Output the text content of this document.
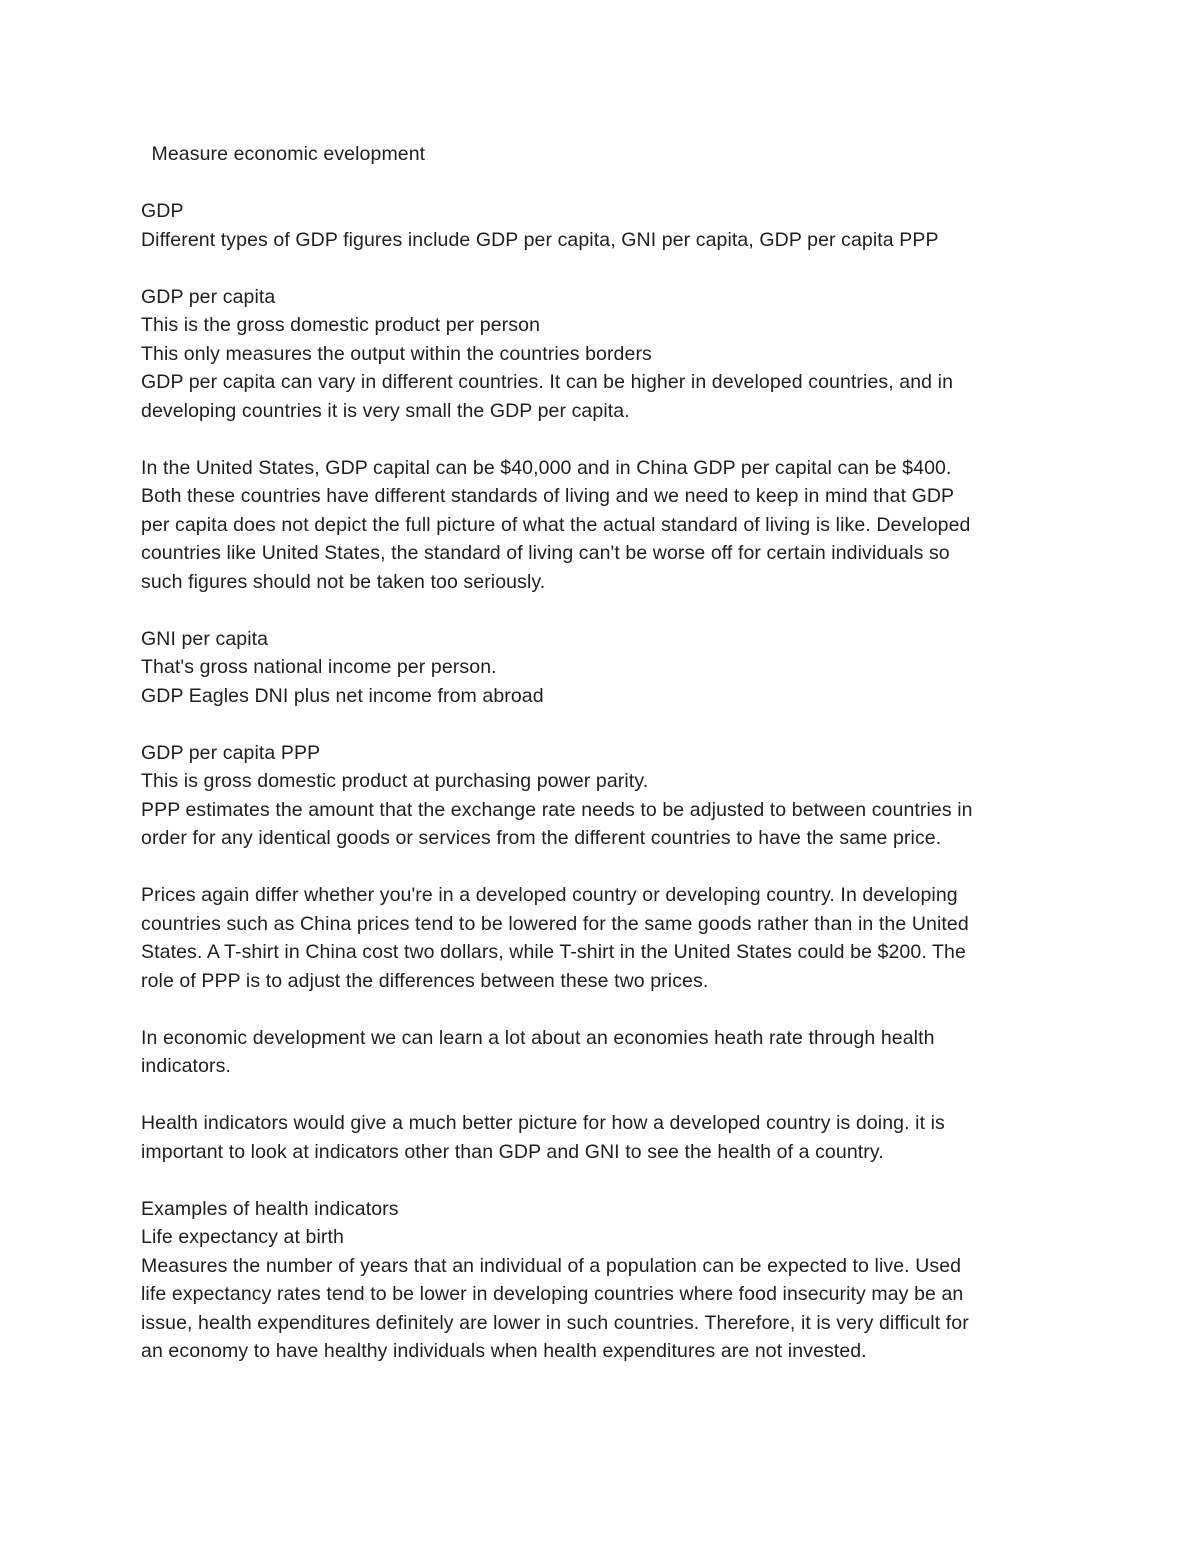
Measure economic evelopment
GDP
Different types of GDP figures include GDP per capita, GNI per capita, GDP per capita PPP
GDP per capita
This is the gross domestic product per person
This only measures the output within the countries borders
GDP per capita can vary in different countries. It can be higher in developed countries, and in
developing countries it is very small the GDP per capita.
In the United States, GDP capital can be $40,000 and in China GDP per capital can be $400.
Both these countries have different standards of living and we need to keep in mind that GDP
per capita does not depict the full picture of what the actual standard of living is like. Developed
countries like United States, the standard of living can't be worse off for certain individuals so
such figures should not be taken too seriously.
GNI per capita
That's gross national income per person.
GDP Eagles DNI plus net income from abroad
GDP per capita PPP
This is gross domestic product at purchasing power parity.
PPP estimates the amount that the exchange rate needs to be adjusted to between countries in
order for any identical goods or services from the different countries to have the same price.
Prices again differ whether you're in a developed country or developing country. In developing
countries such as China prices tend to be lowered for the same goods rather than in the United
States. A T-shirt in China cost two dollars, while T-shirt in the United States could be $200. The
role of PPP is to adjust the differences between these two prices.
In economic development we can learn a lot about an economies heath rate through health
indicators.
Health indicators would give a much better picture for how a developed country is doing. it is
important to look at indicators other than GDP and GNI to see the health of a country.
Examples of health indicators
Life expectancy at birth
Measures the number of years that an individual of a population can be expected to live. Used
life expectancy rates tend to be lower in developing countries where food insecurity may be an
issue, health expenditures definitely are lower in such countries. Therefore, it is very difficult for
an economy to have healthy individuals when health expenditures are not invested.
